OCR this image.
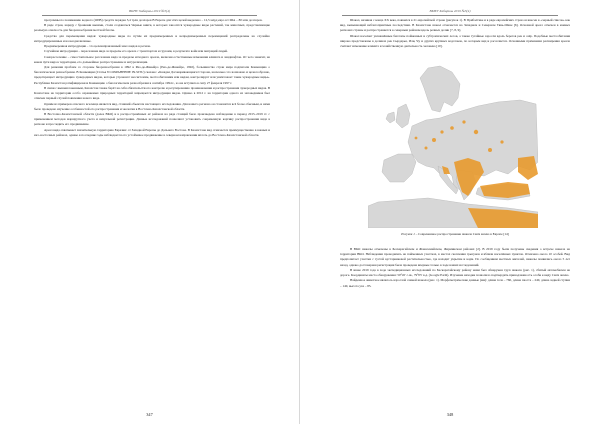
ВКНУ Хабаршы 2019 №3(4)

программы по понижению водного (ОПВ) средств порядка 3,4 трлн долларов В Европе для этих целей выделено – 12,5 млрд евро в США – 80 млн долларов.

В ряде стран, наряду с бранками вынами, стали создаваться Черные книги, в которых заносятся чужеродные виды растений, так животных, представляющие реальную опасность для биоразнообразия местной биоты.

Средства для перемещения видов: чужеродные виды по путям их преднамеренных и непреднамеренных перемещений распределены на случайно интродуцированные и на неоднозначные.

Преднамеренная интродукция – это целенаправленный завоз видов в регион.

Случайная интродукция – переселение вида за пределы его ареала с транспортом и грузами, в результате войн или миграций людей.

Саморасселение – самостоятельное расселение вида за пределы исходного ареала, включая естественные изменения климата и ландшафтов. От чего зависит, на каком пути вида к территории, его дальнейшее распространение и натурализация.

Для решения проблем со стороны биоразнообразия в 1992 в Рио-де-Жанейро (Рио-де-Жанейро, 1992), большинство стран мира подписали Конвенцию о биологическом разнообразии. В Конвенции (Статья 8 СОХРАНЕНИЕ IN-SITU) сказано: «Каждая Договаривающаяся Сторона, насколько это возможно и целесообразно, предотвращает интродукцию чужеродных видов, которые угрожают экосистемам, местообитаниям или видам, контролирует или уничтожает такие чужеродные виды». Республика Казахстан ратифицировала Конвенцию о биологическом разнообразии в сентябре 1994 г., и она вступила в силу 27 февраля 1997 г.

В связи с вышеизложенным, Казахстан также берёт на себя обязательства по контролю и регулированию проникновения и распространения чужеродных видов. В Казахстане на территории особо охраняемых природных территорий запрещается интродукция видов. Однако в 2012 г. на территории одного из заповедников был отмечен первый случай появления нового вида.

Одним из примеров опасного вселенца является вид, ставший объектом настоящего исследования. Для нашего региона он становится всё более обычным, и нами было проведено изучение особенностей его распространения и экологии в Восточно-Казахстанской области.

В Восточно-Казахстанской области (далее ВКО) и в распространённых её районах на ряде станций было произведено наблюдение в период 2015–2019 гг. с применением методов маршрутного учета и визуальной регистрации. Данные исследований позволяют установить современную картину распространения вида в регионе и проследить его продвижение.

Ареал вида охватывает значительную территорию Евразии: от Западной Европы до Дальнего Востока. В Казахстане вид отмечается преимущественно в южных и юго-восточных районах, однако в последние годы наблюдается его устойчивое продвижение в северном направлении вплоть до Восточно-Казахстанской области.

347
ВКНУ Хабаршы 2019 №3(4)

Шакал, начиная с конца XX века, появился в 21 европейской стране (рисунок 1). В Прибалтике и в ряде европейских стран он внесен в «черный список» как вид, вызывающий неблагоприятные последствия. В Казахстане шакал отмечается на Западном и Северном Тянь-Шане [6]. Основной ареал отмечен в южных регионах страны и распространяется к северным районам вдоль речных долин [7, 8, 9].

Шакал населяет увлажнённые биотопы пойменных и субтропических лесов, а также тугайные заросли вдоль берегов рек и озёр. Подобные местообитания широко представлены в долинах рек Сырдарья, Или, Чу и других крупных водотоков, по которым вид и расселяется. Основными причинами расширения ареала считают изменение климата и хозяйственную деятельность человека [10].

Рисунок 1 – Современное распространение шакала Canis aureus в Европе [14]

В ВКО шакалы отмечены в Бескарагайском и Жанасемейском, Жарминском районах [2]. В 2019 году были получены сведения о встрече шакала на территории ВКО. Наблюдения проводились на пойменных участках, в местах скопления грызунов и вблизи населённых пунктов. Отмечено около 10 особей. Вид предпочитает участки с густой кустарниковой растительностью, где находит укрытие и корм. По сообщениям местных жителей, шакалы появились около 5 лет назад, однако достоверная регистрация была проведена впервые только в ходе наших исследований.

В июне 2019 года в ходе экспедиционных исследований по Бескарагайскому району нами был обнаружен труп шакала (рис. 1), сбитый автомобилем на дороге. Координаты места обнаружения: 50°45′ с.ш., 79°05′ в.д. (Google Earth). Изучение находки позволило подтвердить принадлежность особи к виду Canis aureus.

Найденное животное являлось взрослой самкой шакала (рис. 1). Морфометрические данные (мм): длина тела – 760, длина хвоста – 240, длина задней ступни – 140, высота уха – 85.

348
